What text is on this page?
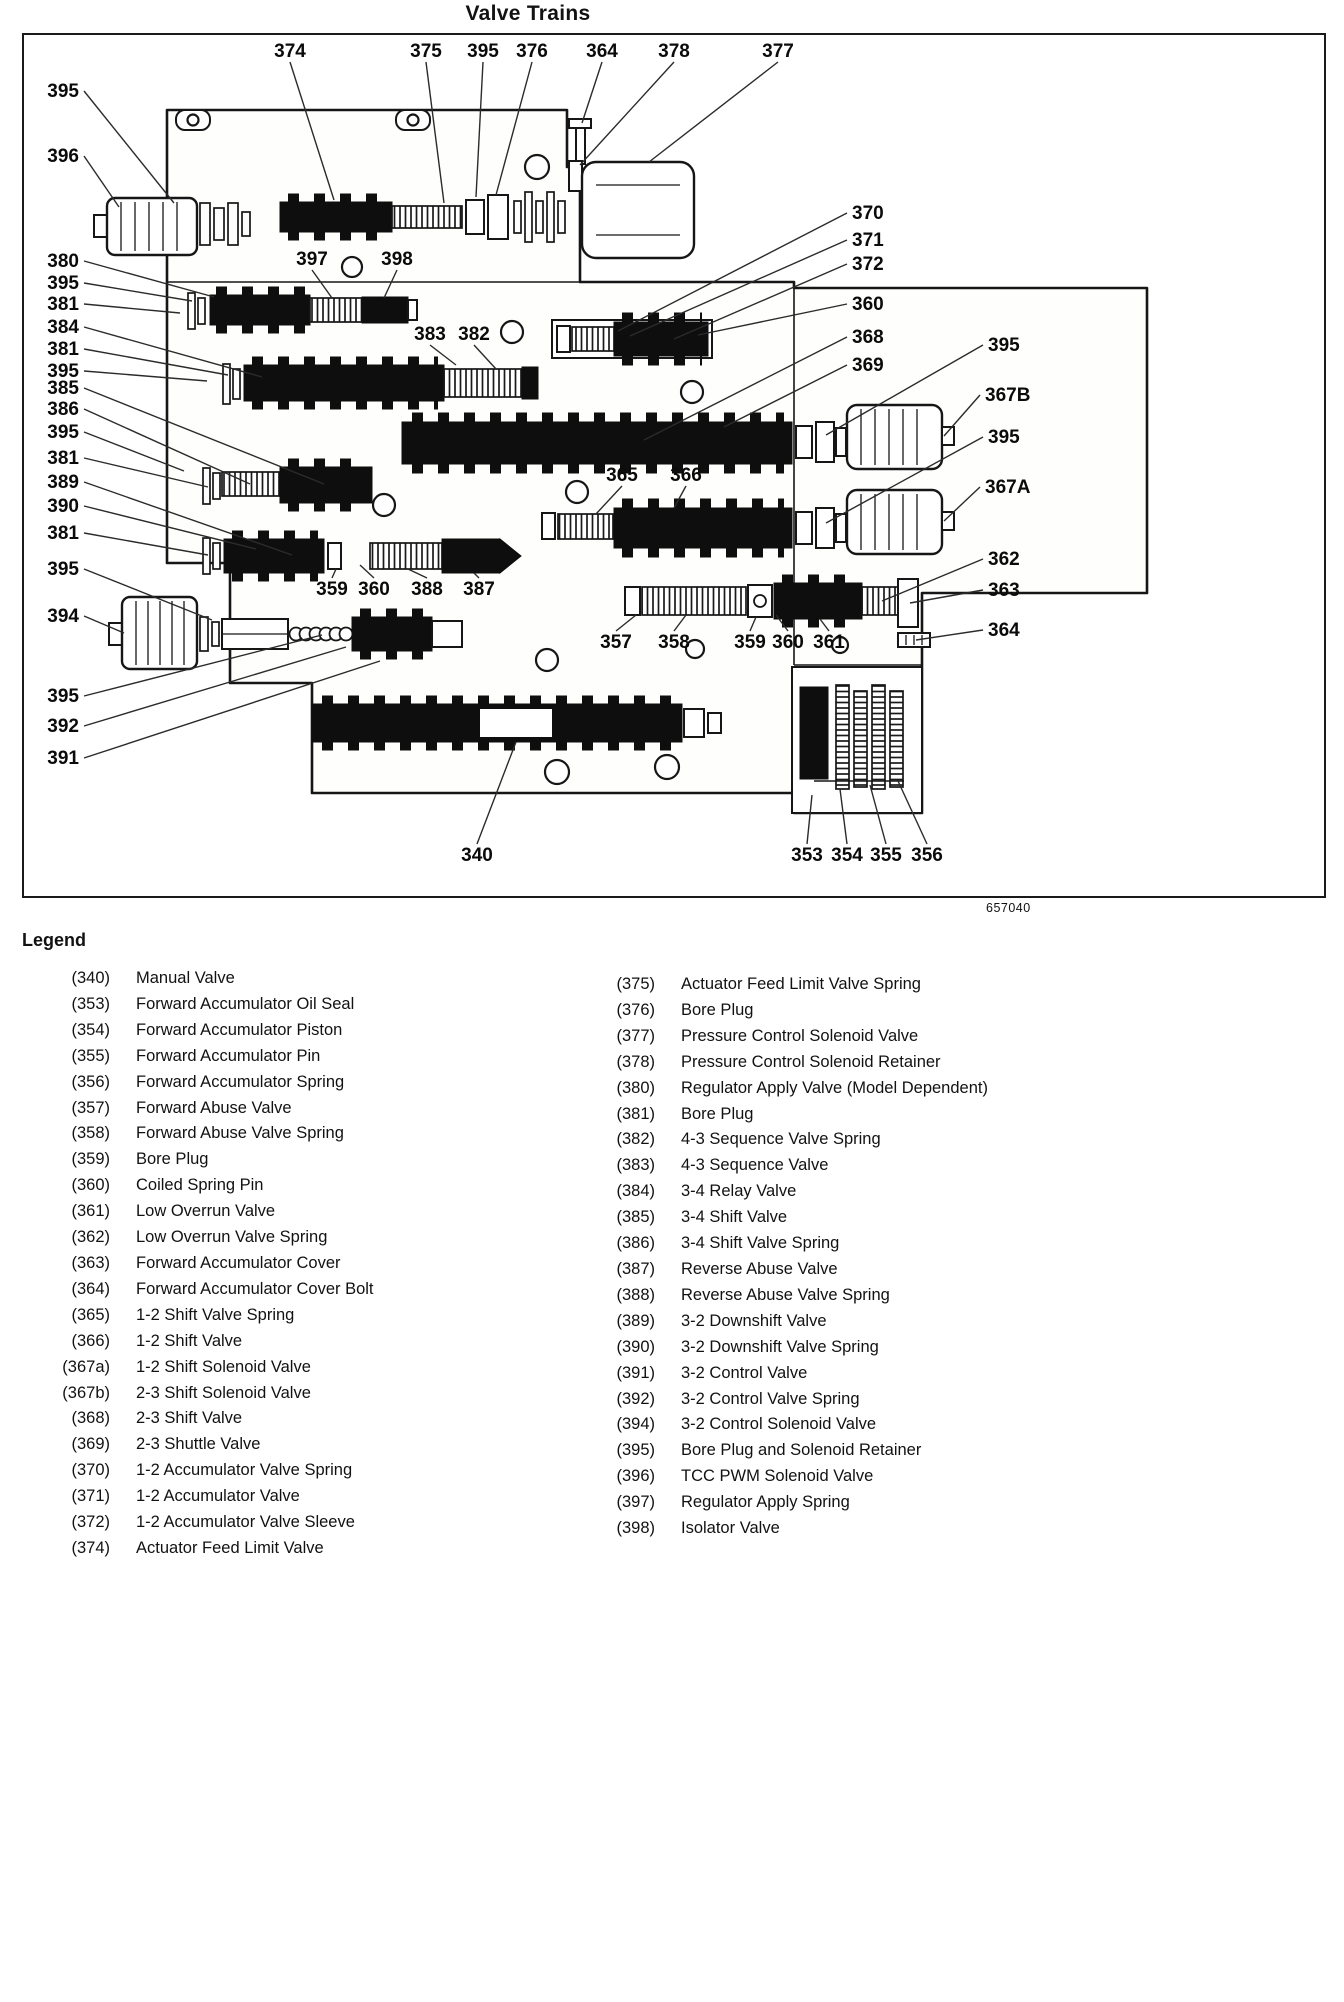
Valve Trains
374	375 395 376 364 378	377
395
396
380
395
381
384
381
395
385
386
395
381
389
390
381
395
394
395
392
391
370
371
372
360
368
369
395
367B
395
367A
362
363
364
397	398
383 382
365 366
359 360 388 387
357 358 359 360 361
340	353 354 355 356
657040
Legend
(340) Manual Valve
(353) Forward Accumulator Oil Seal
(354) Forward Accumulator Piston
(355) Forward Accumulator Pin
(356) Forward Accumulator Spring
(357) Forward Abuse Valve
(358) Forward Abuse Valve Spring
(359) Bore Plug
(360) Coiled Spring Pin
(361) Low Overrun Valve
(362) Low Overrun Valve Spring
(363) Forward Accumulator Cover
(364) Forward Accumulator Cover Bolt
(365) 1-2 Shift Valve Spring
(366) 1-2 Shift Valve
(367a) 1-2 Shift Solenoid Valve
(367b) 2-3 Shift Solenoid Valve
(368) 2-3 Shift Valve
(369) 2-3 Shuttle Valve
(370) 1-2 Accumulator Valve Spring
(371) 1-2 Accumulator Valve
(372) 1-2 Accumulator Valve Sleeve
(374) Actuator Feed Limit Valve
(375) Actuator Feed Limit Valve Spring
(376) Bore Plug
(377) Pressure Control Solenoid Valve
(378) Pressure Control Solenoid Retainer
(380) Regulator Apply Valve (Model Dependent)
(381) Bore Plug
(382) 4-3 Sequence Valve Spring
(383) 4-3 Sequence Valve
(384) 3-4 Relay Valve
(385) 3-4 Shift Valve
(386) 3-4 Shift Valve Spring
(387) Reverse Abuse Valve
(388) Reverse Abuse Valve Spring
(389) 3-2 Downshift Valve
(390) 3-2 Downshift Valve Spring
(391) 3-2 Control Valve
(392) 3-2 Control Valve Spring
(394) 3-2 Control Solenoid Valve
(395) Bore Plug and Solenoid Retainer
(396) TCC PWM Solenoid Valve
(397) Regulator Apply Spring
(398) Isolator Valve
